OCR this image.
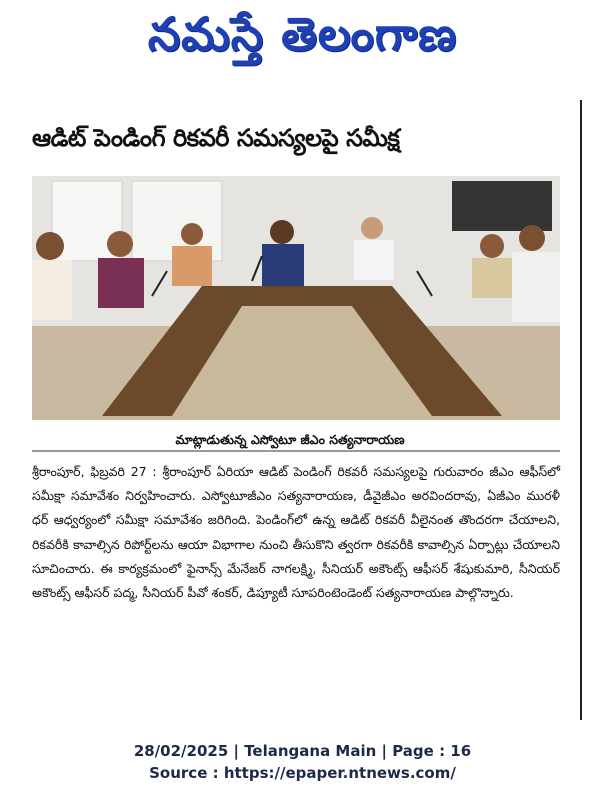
నమస్తే తెలంగాణ
ఆడిట్ పెండింగ్ రికవరీ సమస్యలపై సమీక్ష
మాట్లాడుతున్న ఎస్వోటూ జీఎం సత్యనారాయణ
శ్రీరాంపూర్, ఫిబ్రవరి 27 : శ్రీరాంపూర్ ఏరియా ఆడిట్ పెండింగ్ రికవరీ సమస్యలపై గురువారం జీఎం ఆఫీస్‌లో సమీక్షా సమావేశం నిర్వహించారు. ఎస్వోటూజీఎం సత్యనారాయణ, డీవైజీఎం అరవిందరావు, ఏజీఎం మురళీ ధర్ ఆధ్వర్యంలో సమీక్షా సమావేశం జరిగింది. పెండింగ్‌లో ఉన్న ఆడిట్ రికవరీ వీలైనంత తొందరగా చేయాలని, రికవరీకి కావాల్సిన రిపోర్ట్‌లను ఆయా విభాగాల నుంచి తీసుకొని త్వరగా రికవరీకి కావాల్సిన ఏర్పాట్లు చేయాలని సూచించారు. ఈ కార్యక్రమంలో ఫైనాన్స్ మేనేజర్ నాగలక్ష్మి, సీనియర్ అకౌంట్స్ ఆఫీసర్ శేషుకుమారి, సీనియర్ అకౌంట్స్ ఆఫీసర్ పద్మ, సీనియర్ పీవో శంకర్, డిప్యూటీ సూపరింటెండెంట్ సత్యనారాయణ పాల్గొన్నారు.
28/02/2025 | Telangana Main | Page : 16
Source : https://epaper.ntnews.com/
